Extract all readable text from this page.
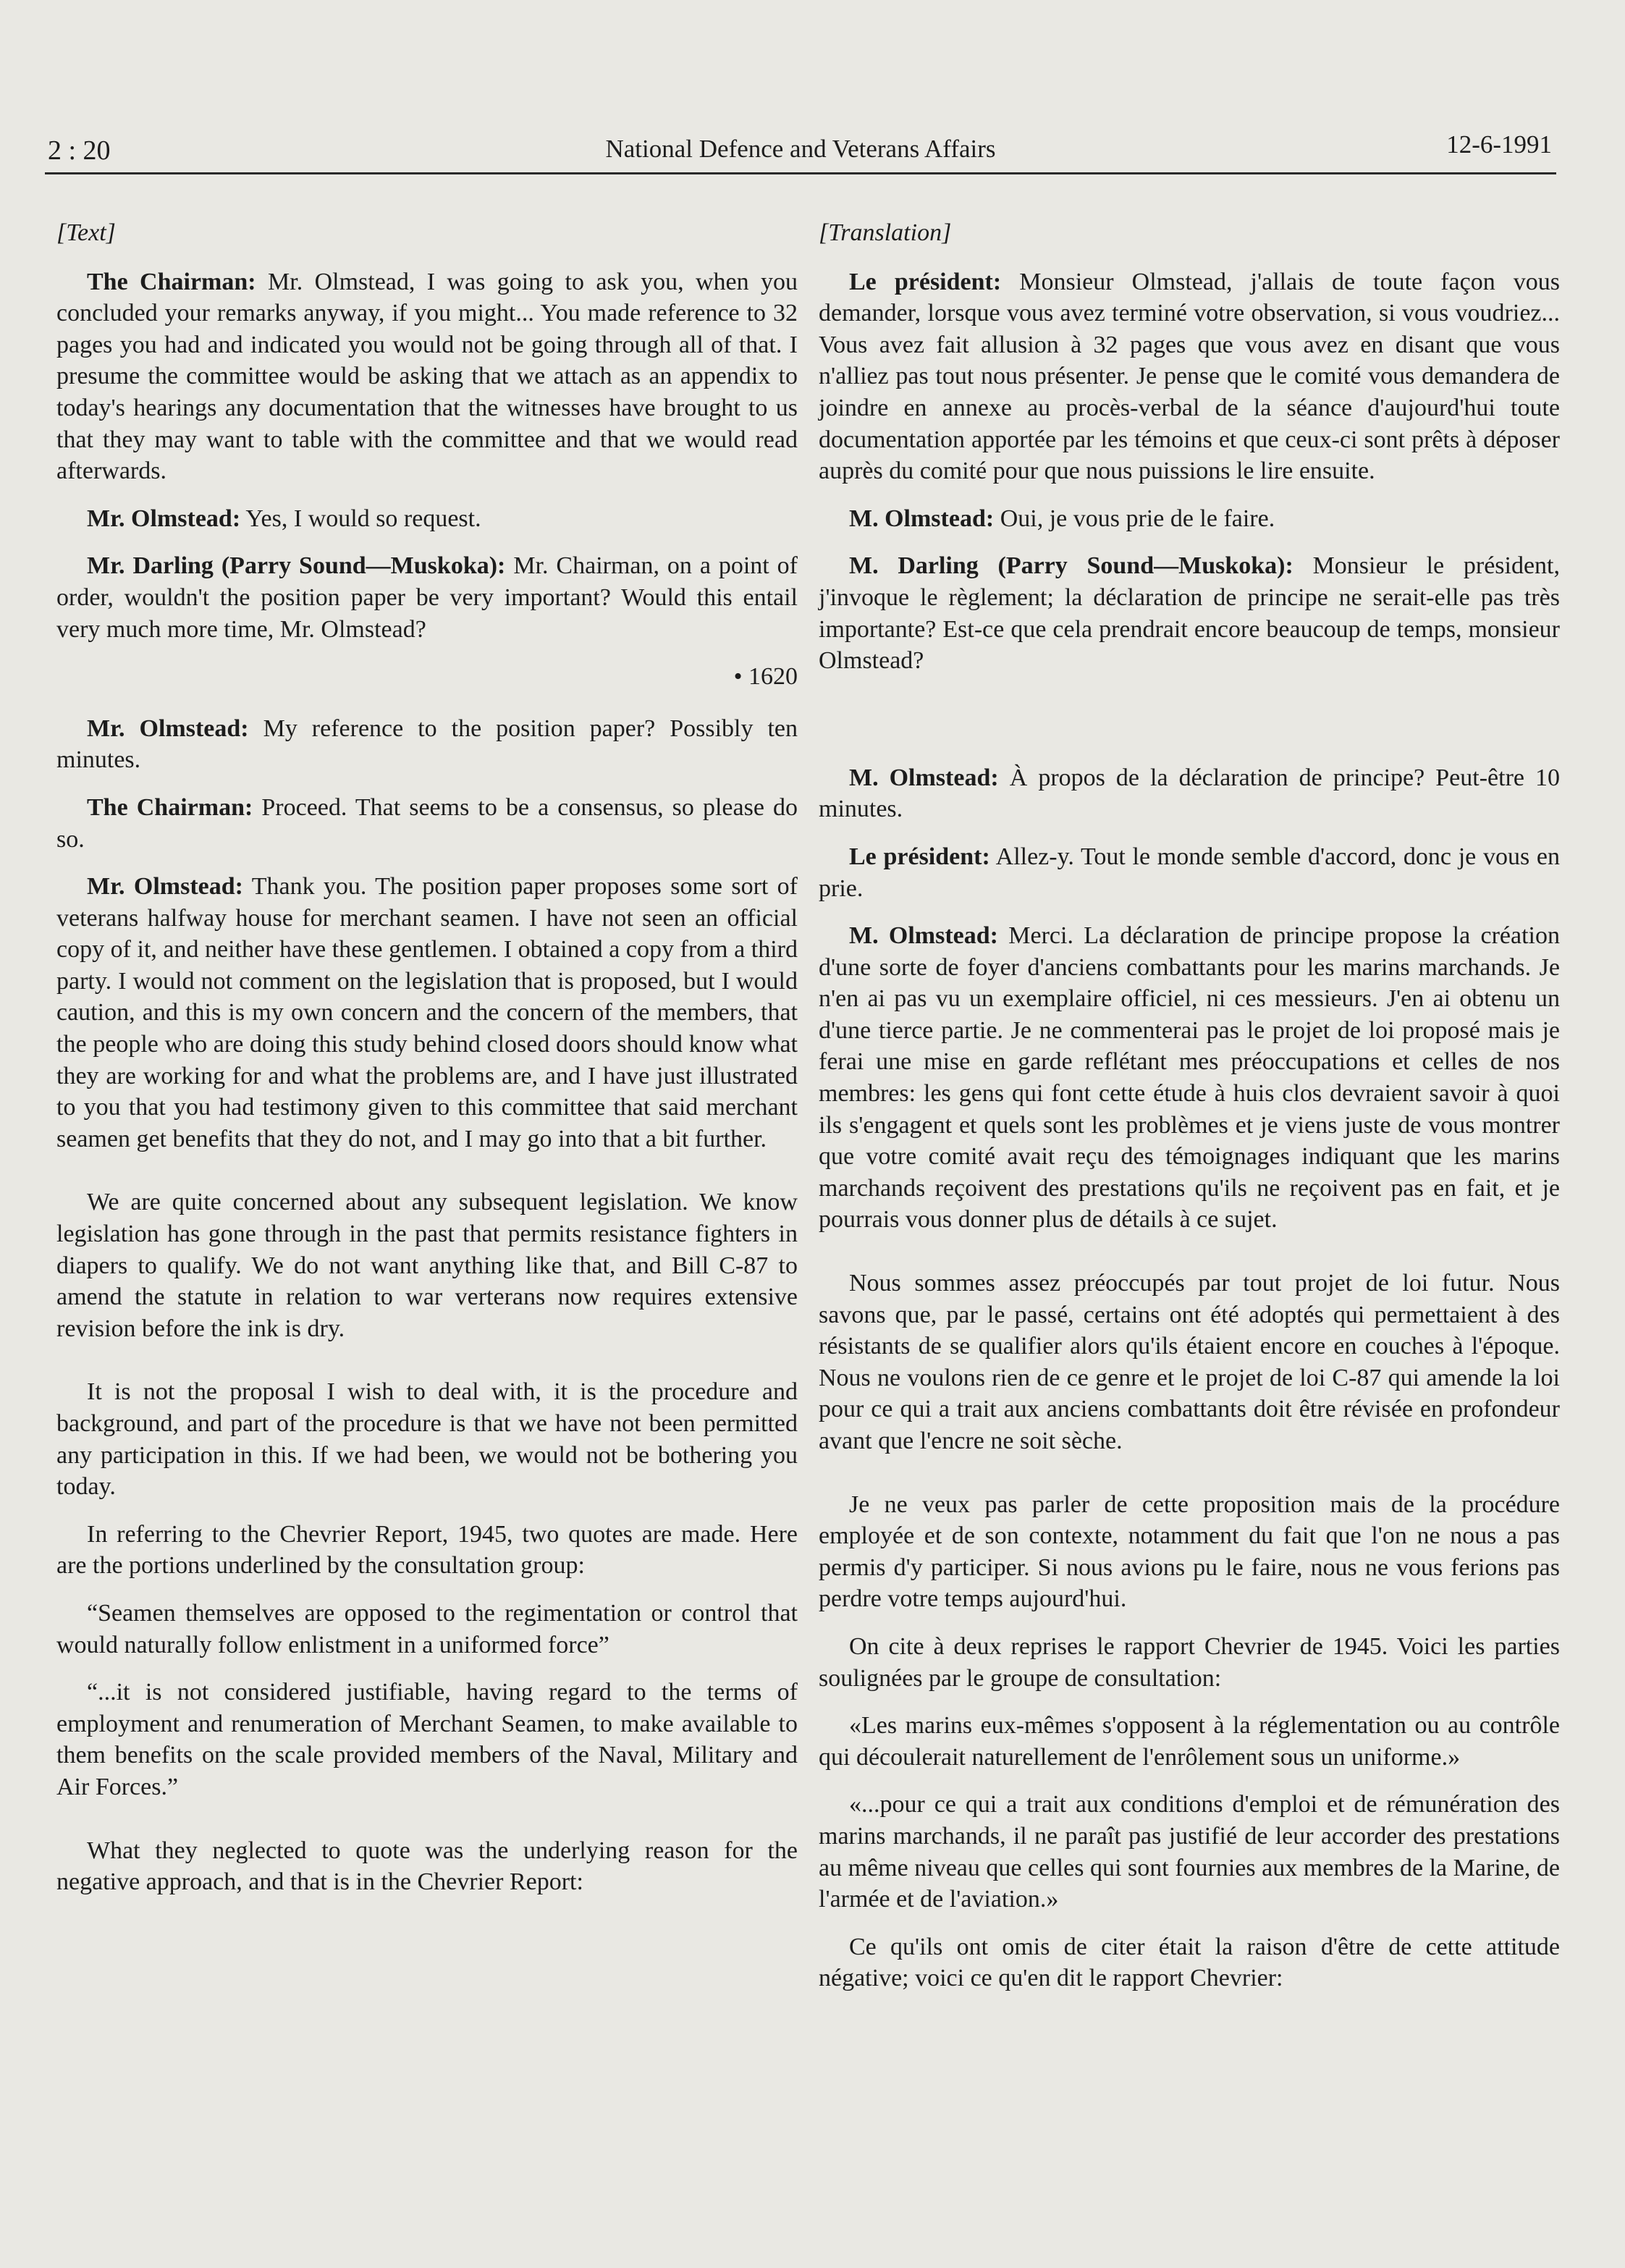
2 : 20	National Defence and Veterans Affairs	12-6-1991
[Text]

The Chairman: Mr. Olmstead, I was going to ask you, when you concluded your remarks anyway, if you might... You made reference to 32 pages you had and indicated you would not be going through all of that. I presume the committee would be asking that we attach as an appendix to today's hearings any documentation that the witnesses have brought to us that they may want to table with the committee and that we would read afterwards.

Mr. Olmstead: Yes, I would so request.

Mr. Darling (Parry Sound—Muskoka): Mr. Chairman, on a point of order, wouldn't the position paper be very important? Would this entail very much more time, Mr. Olmstead?

• 1620

Mr. Olmstead: My reference to the position paper? Possibly ten minutes.

The Chairman: Proceed. That seems to be a consensus, so please do so.

Mr. Olmstead: Thank you. The position paper proposes some sort of veterans halfway house for merchant seamen. I have not seen an official copy of it, and neither have these gentlemen. I obtained a copy from a third party. I would not comment on the legislation that is proposed, but I would caution, and this is my own concern and the concern of the members, that the people who are doing this study behind closed doors should know what they are working for and what the problems are, and I have just illustrated to you that you had testimony given to this committee that said merchant seamen get benefits that they do not, and I may go into that a bit further.

We are quite concerned about any subsequent legislation. We know legislation has gone through in the past that permits resistance fighters in diapers to qualify. We do not want anything like that, and Bill C-87 to amend the statute in relation to war verterans now requires extensive revision before the ink is dry.

It is not the proposal I wish to deal with, it is the procedure and background, and part of the procedure is that we have not been permitted any participation in this. If we had been, we would not be bothering you today.

In referring to the Chevrier Report, 1945, two quotes are made. Here are the portions underlined by the consultation group:

“Seamen themselves are opposed to the regimentation or control that would naturally follow enlistment in a uniformed force”

“...it is not considered justifiable, having regard to the terms of employment and renumeration of Merchant Seamen, to make available to them benefits on the scale provided members of the Naval, Military and Air Forces.”

What they neglected to quote was the underlying reason for the negative approach, and that is in the Chevrier Report:

[Translation]

Le président: Monsieur Olmstead, j'allais de toute façon vous demander, lorsque vous avez terminé votre observation, si vous voudriez... Vous avez fait allusion à 32 pages que vous avez en disant que vous n'alliez pas tout nous présenter. Je pense que le comité vous demandera de joindre en annexe au procès-verbal de la séance d'aujourd'hui toute documentation apportée par les témoins et que ceux-ci sont prêts à déposer auprès du comité pour que nous puissions le lire ensuite.

M. Olmstead: Oui, je vous prie de le faire.

M. Darling (Parry Sound—Muskoka): Monsieur le président, j'invoque le règlement; la déclaration de principe ne serait-elle pas très importante? Est-ce que cela prendrait encore beaucoup de temps, monsieur Olmstead?

M. Olmstead: À propos de la déclaration de principe? Peut-être 10 minutes.

Le président: Allez-y. Tout le monde semble d'accord, donc je vous en prie.

M. Olmstead: Merci. La déclaration de principe propose la création d'une sorte de foyer d'anciens combattants pour les marins marchands. Je n'en ai pas vu un exemplaire officiel, ni ces messieurs. J'en ai obtenu un d'une tierce partie. Je ne commenterai pas le projet de loi proposé mais je ferai une mise en garde reflétant mes préoccupations et celles de nos membres: les gens qui font cette étude à huis clos devraient savoir à quoi ils s'engagent et quels sont les problèmes et je viens juste de vous montrer que votre comité avait reçu des témoignages indiquant que les marins marchands reçoivent des prestations qu'ils ne reçoivent pas en fait, et je pourrais vous donner plus de détails à ce sujet.

Nous sommes assez préoccupés par tout projet de loi futur. Nous savons que, par le passé, certains ont été adoptés qui permettaient à des résistants de se qualifier alors qu'ils étaient encore en couches à l'époque. Nous ne voulons rien de ce genre et le projet de loi C-87 qui amende la loi pour ce qui a trait aux anciens combattants doit être révisée en profondeur avant que l'encre ne soit sèche.

Je ne veux pas parler de cette proposition mais de la procédure employée et de son contexte, notamment du fait que l'on ne nous a pas permis d'y participer. Si nous avions pu le faire, nous ne vous ferions pas perdre votre temps aujourd'hui.

On cite à deux reprises le rapport Chevrier de 1945. Voici les parties soulignées par le groupe de consultation:

«Les marins eux-mêmes s'opposent à la réglementation ou au contrôle qui découlerait naturellement de l'enrôlement sous un uniforme.»

«...pour ce qui a trait aux conditions d'emploi et de rémunération des marins marchands, il ne paraît pas justifié de leur accorder des prestations au même niveau que celles qui sont fournies aux membres de la Marine, de l'armée et de l'aviation.»

Ce qu'ils ont omis de citer était la raison d'être de cette attitude négative; voici ce qu'en dit le rapport Chevrier:
